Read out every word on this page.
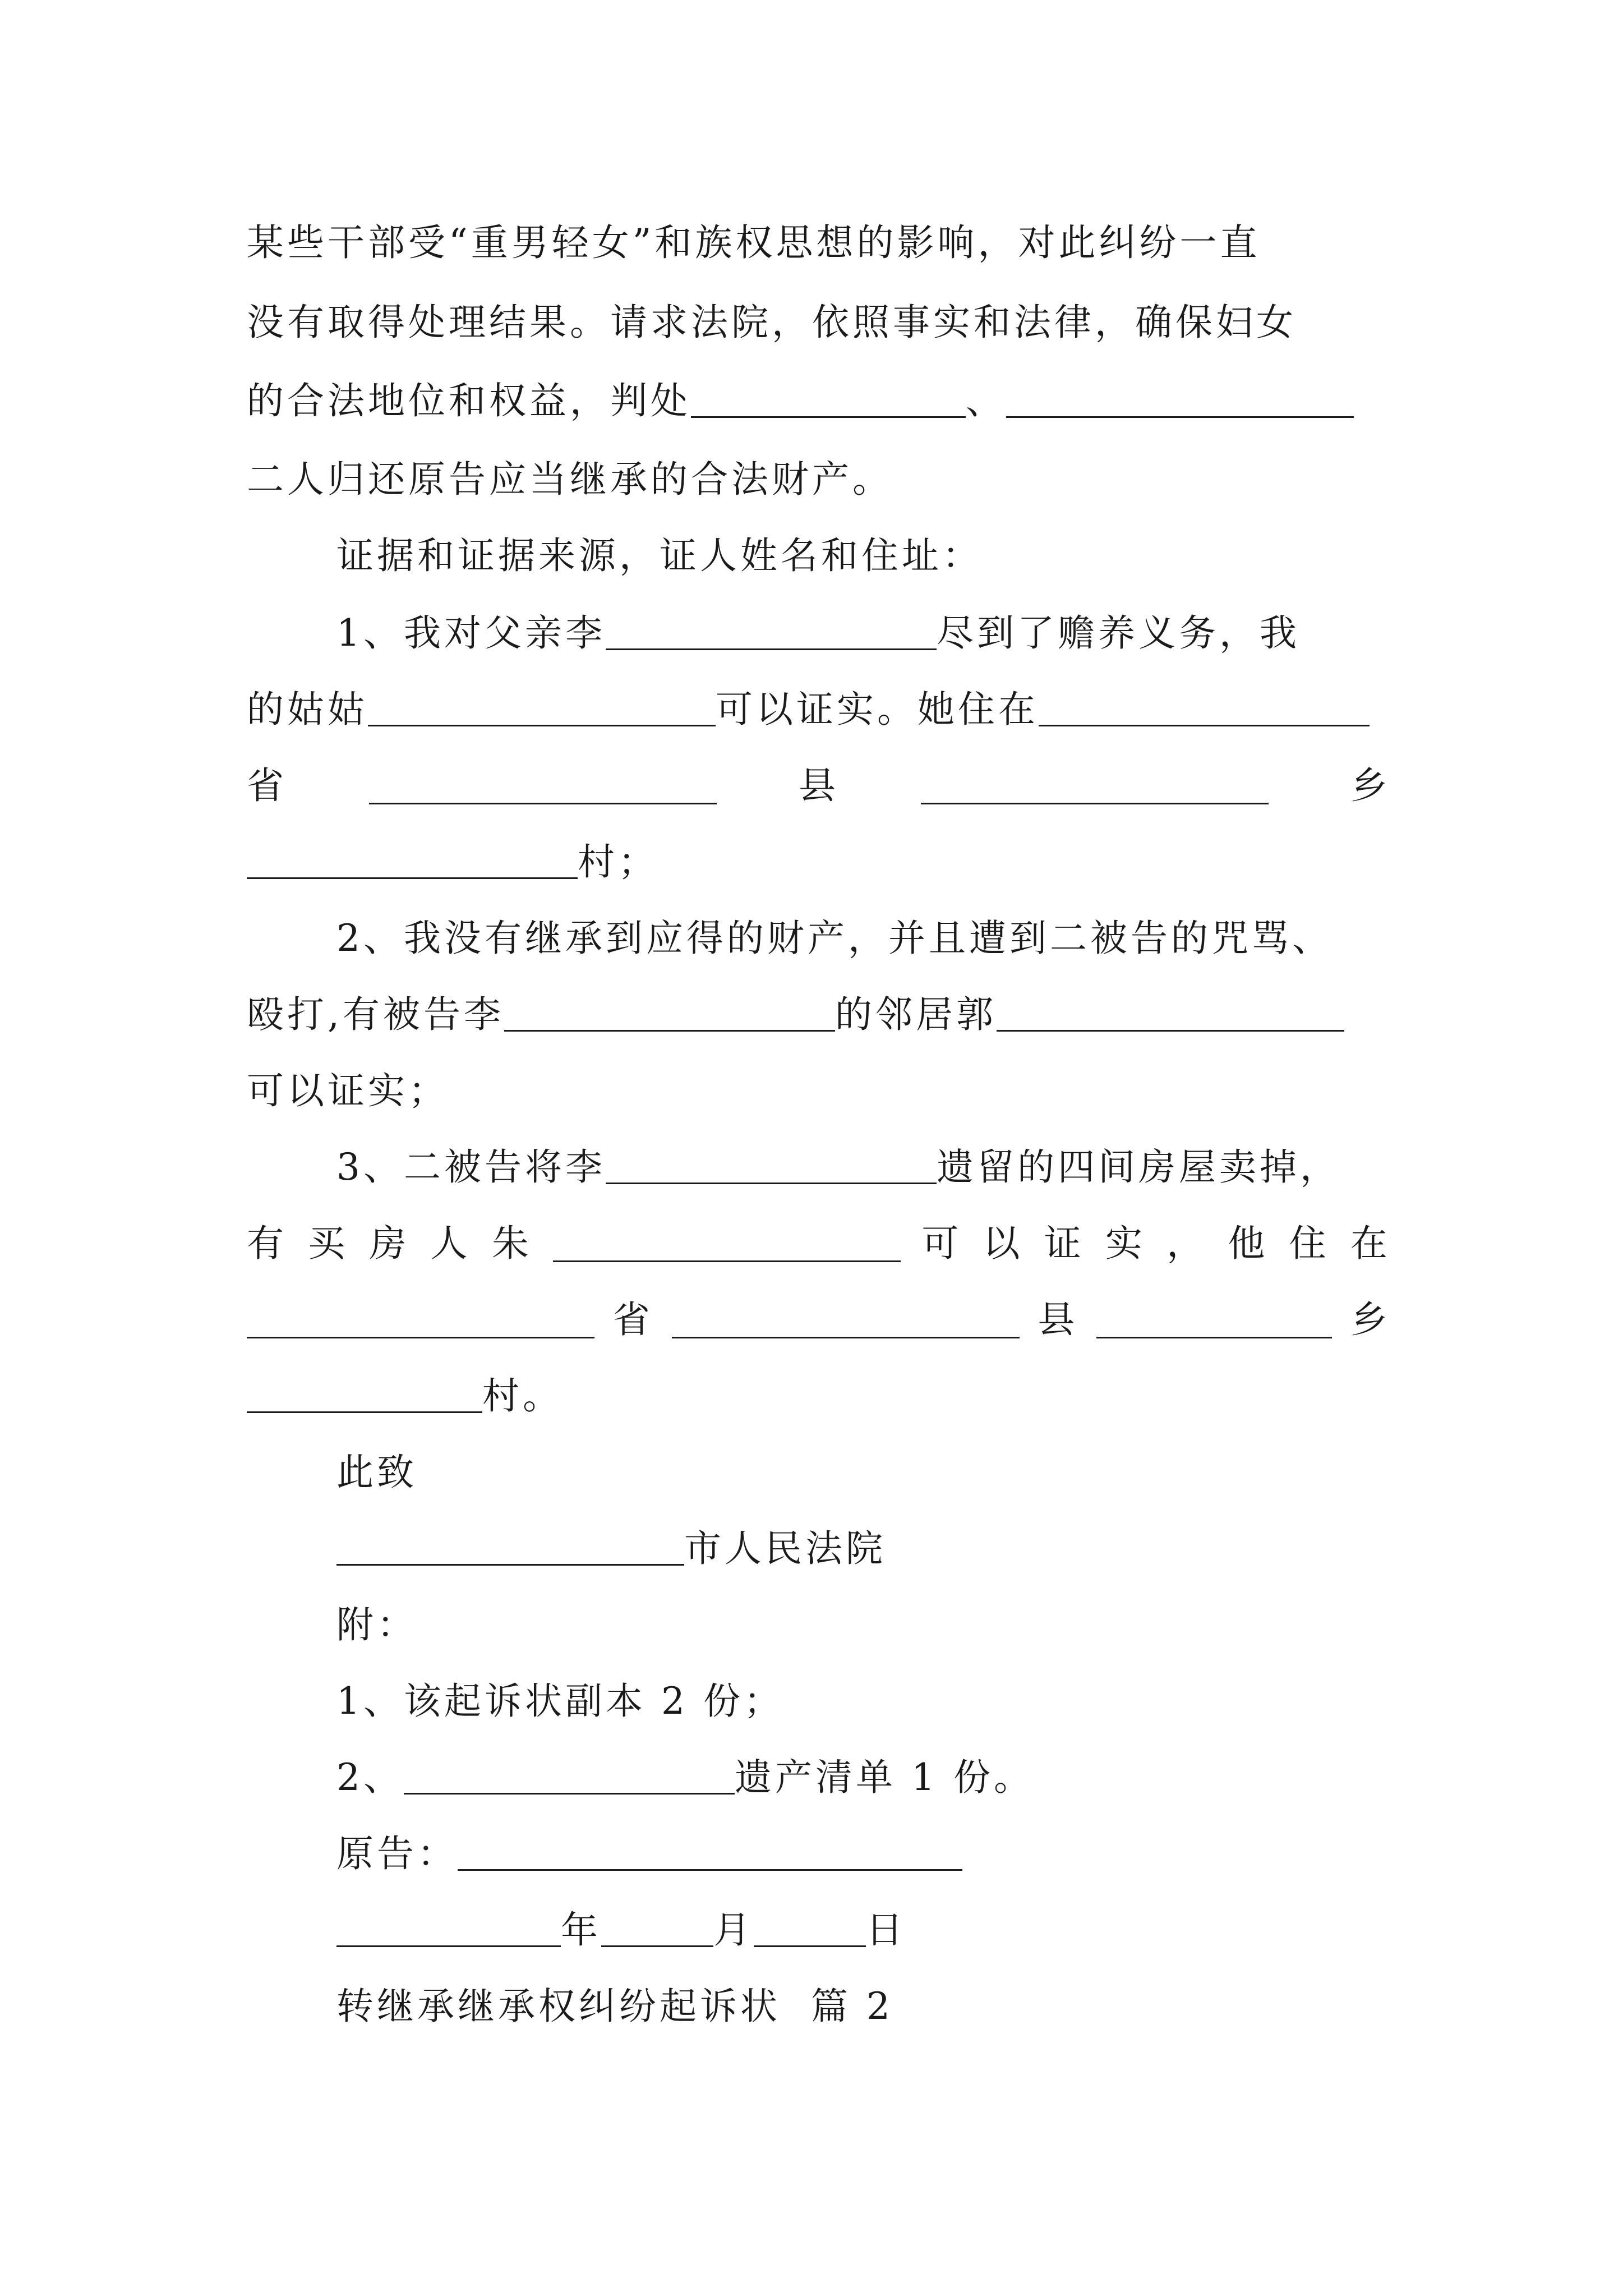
某些干部受“重男轻女”和族权思想的影响，对此纠纷一直
没有取得处理结果。请求法院，依照事实和法律，确保妇女
的合法地位和权益，判处	、
二人归还原告应当继承的合法财产。
证据和证据来源，证人姓名和住址：
1、我对父亲李	尽到了赡养义务，我
的姑姑	可以证实。她住在
省	县	乡
村；
2、我没有继承到应得的财产，并且遭到二被告的咒骂、
殴打,有被告李	的邻居郭
可以证实；
3、二被告将李	遗留的四间房屋卖掉，
有 买 房 人 朱	可 以 证 实 ， 他 住 在
省	县	乡
村。
此致
市人民法院
附：
1、该起诉状副本 2 份；
2、	遗产清单 1 份。
原告：
年	月	日
转继承继承权纠纷起诉状  篇 2
